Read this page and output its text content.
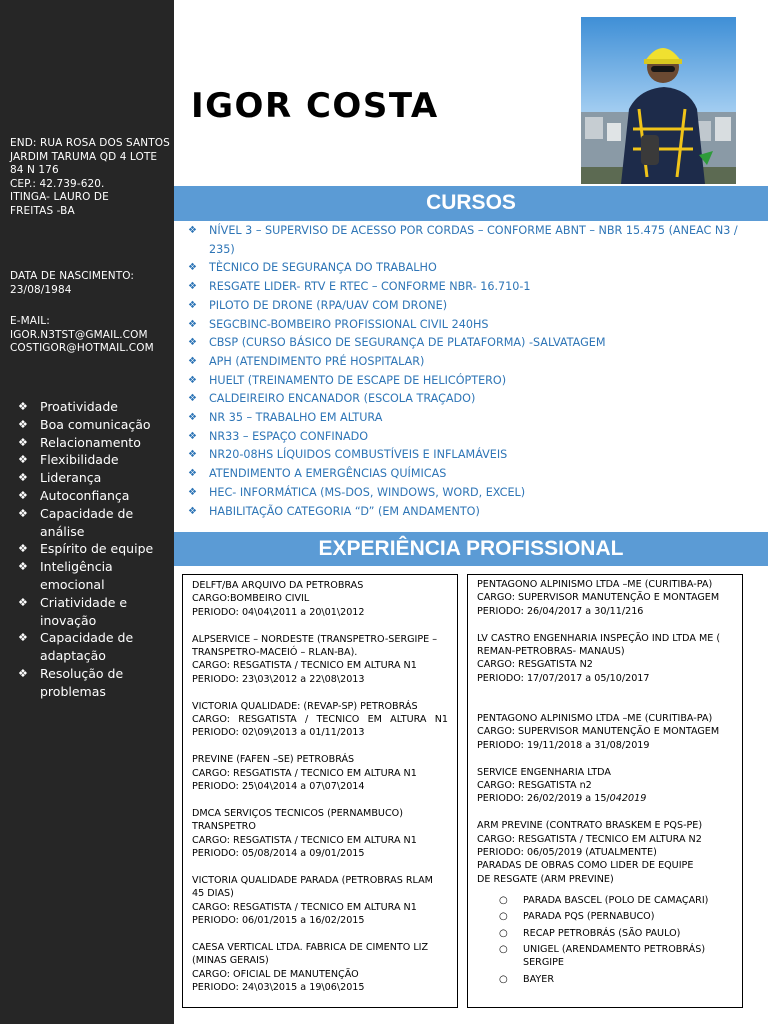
END: RUA ROSA DOS SANTOS
JARDIM TARUMA QD 4 LOTE
84 N 176
CEP.: 42.739-620.
ITINGA- LAURO DE
FREITAS -BA
DATA DE NASCIMENTO:
23/08/1984
E-MAIL:
IGOR.N3TST@GMAIL.COM
COSTIGOR@HOTMAIL.COM
❖ Proatividade
❖ Boa comunicação
❖ Relacionamento
❖ Flexibilidade
❖ Liderança
❖ Autoconfiança
❖ Capacidade de análise
❖ Espírito de equipe
❖ Inteligência emocional
❖ Criatividade e inovação
❖ Capacidade de adaptação
❖ Resolução de problemas
IGOR COSTA
CURSOS
❖ NÍVEL 3 – SUPERVISO DE ACESSO POR CORDAS – CONFORME ABNT – NBR 15.475 (ANEAC N3 / 235)
❖ TÈCNICO DE SEGURANÇA DO TRABALHO
❖ RESGATE LIDER- RTV E RTEC – CONFORME NBR- 16.710-1
❖ PILOTO DE DRONE (RPA/UAV COM DRONE)
❖ SEGCBINC-BOMBEIRO PROFISSIONAL CIVIL 240HS
❖ CBSP (CURSO BÁSICO DE SEGURANÇA DE PLATAFORMA) -SALVATAGEM
❖ APH (ATENDIMENTO PRÉ HOSPITALAR)
❖ HUELT (TREINAMENTO DE ESCAPE DE HELICÓPTERO)
❖ CALDEIREIRO ENCANADOR (ESCOLA TRAÇADO)
❖ NR 35 – TRABALHO EM ALTURA
❖ NR33 – ESPAÇO CONFINADO
❖ NR20-08HS LÍQUIDOS COMBUSTÍVEIS E INFLAMÁVEIS
❖ ATENDIMENTO A EMERGÊNCIAS QUÍMICAS
❖ HEC- INFORMÁTICA (MS-DOS, WINDOWS, WORD, EXCEL)
❖ HABILITAÇÃO CATEGORIA “D” (EM ANDAMENTO)
EXPERIÊNCIA PROFISSIONAL

DELFT/BA ARQUIVO DA PETROBRAS
CARGO:BOMBEIRO CIVIL
PERIODO: 04\04\2011 a 20\01\2012

ALPSERVICE – NORDESTE (TRANSPETRO-SERGIPE – TRANSPETRO-MACEIÓ – RLAN-BA).
CARGO: RESGATISTA / TECNICO EM ALTURA N1
PERIODO: 23\03\2012 a 22\08\2013

VICTORIA QUALIDADE: (REVAP-SP) PETROBRÁS
CARGO: RESGATISTA / TECNICO EM ALTURA N1 PERIODO: 02\09\2013 a 01/11/2013

PREVINE (FAFEN –SE) PETROBRÁS
CARGO: RESGATISTA / TECNICO EM ALTURA N1
PERIODO: 25\04\2014 a 07\07\2014

DMCA SERVIÇOS TECNICOS (PERNAMBUCO) TRANSPETRO
CARGO: RESGATISTA / TECNICO EM ALTURA N1
PERIODO: 05/08/2014 a 09/01/2015

VICTORIA QUALIDADE PARADA (PETROBRAS RLAM 45 DIAS)
CARGO: RESGATISTA / TECNICO EM ALTURA N1
PERIODO: 06/01/2015 a 16/02/2015

CAESA VERTICAL LTDA. FABRICA DE CIMENTO LIZ (MINAS GERAIS)
CARGO: OFICIAL DE MANUTENÇÃO
PERIODO: 24\03\2015 a 19\06\2015

PENTAGONO ALPINISMO LTDA –ME (CURITIBA-PA)
CARGO: SUPERVISOR MANUTENÇÃO E MONTAGEM
PERIODO: 26/04/2017 a 30/11/216

LV CASTRO ENGENHARIA INSPEÇÃO IND LTDA ME ( REMAN-PETROBRAS- MANAUS)
CARGO: RESGATISTA N2
PERIODO: 17/07/2017 a 05/10/2017

PENTAGONO ALPINISMO LTDA –ME (CURITIBA-PA)
CARGO: SUPERVISOR MANUTENÇÃO E MONTAGEM
PERIODO: 19/11/2018 a 31/08/2019

SERVICE ENGENHARIA LTDA
CARGO: RESGATISTA n2

PERIODO: 26/02/2019 a 15/042019

ARM PREVINE (CONTRATO BRASKEM E PQS-PE)
CARGO: RESGATISTA / TECNICO EM ALTURA N2
PERIODO: 06/05/2019 (ATUALMENTE)
PARADAS DE OBRAS COMO LIDER DE EQUIPE
DE RESGATE (ARM PREVINE)

○ PARADA BASCEL (POLO DE CAMAÇARI)
○ PARADA PQS (PERNABUCO)
○ RECAP PETROBRÁS (SÃO PAULO)
○ UNIGEL (ARENDAMENTO PETROBRÁS) SERGIPE
○ BAYER
